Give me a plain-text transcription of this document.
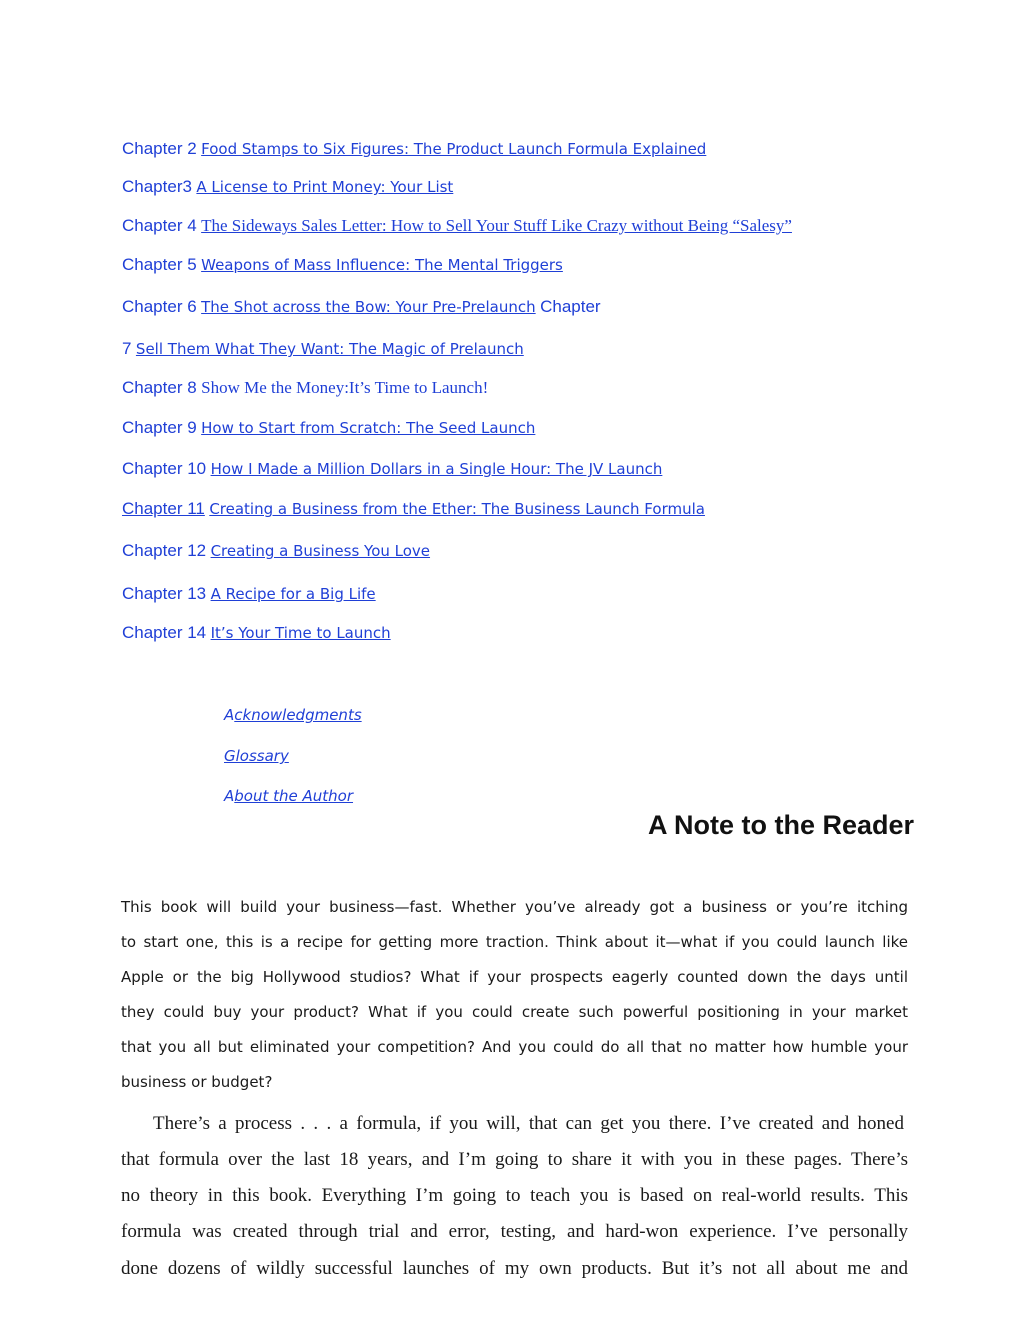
Chapter 2 Food Stamps to Six Figures: The Product Launch Formula Explained
Chapter3 A License to Print Money: Your List
Chapter 4 The Sideways Sales Letter: How to Sell Your Stuff Like Crazy without Being “Salesy”
Chapter 5 Weapons of Mass Influence: The Mental Triggers
Chapter 6 The Shot across the Bow: Your Pre-Prelaunch Chapter
7 Sell Them What They Want: The Magic of Prelaunch
Chapter 8 Show Me the Money:It’s Time to Launch!
Chapter 9 How to Start from Scratch: The Seed Launch
Chapter 10 How I Made a Million Dollars in a Single Hour: The JV Launch
Chapter 11 Creating a Business from the Ether: The Business Launch Formula
Chapter 12 Creating a Business You Love
Chapter 13 A Recipe for a Big Life
Chapter 14 It’s Your Time to Launch
Acknowledgments
Glossary
About the Author
A Note to the Reader
This book will build your business—fast. Whether you’ve already got a business or you’re itching
to start one, this is a recipe for getting more traction. Think about it—what if you could launch like
Apple or the big Hollywood studios? What if your prospects eagerly counted down the days until
they could buy your product? What if you could create such powerful positioning in your market
that you all but eliminated your competition? And you could do all that no matter how humble your
business or budget?
There’s a process . . . a formula, if you will, that can get you there. I’ve created and honed
that formula over the last 18 years, and I’m going to share it with you in these pages. There’s
no theory in this book. Everything I’m going to teach you is based on real-world results. This
formula was created through trial and error, testing, and hard-won experience. I’ve personally
done dozens of wildly successful launches of my own products. But it’s not all about me and
